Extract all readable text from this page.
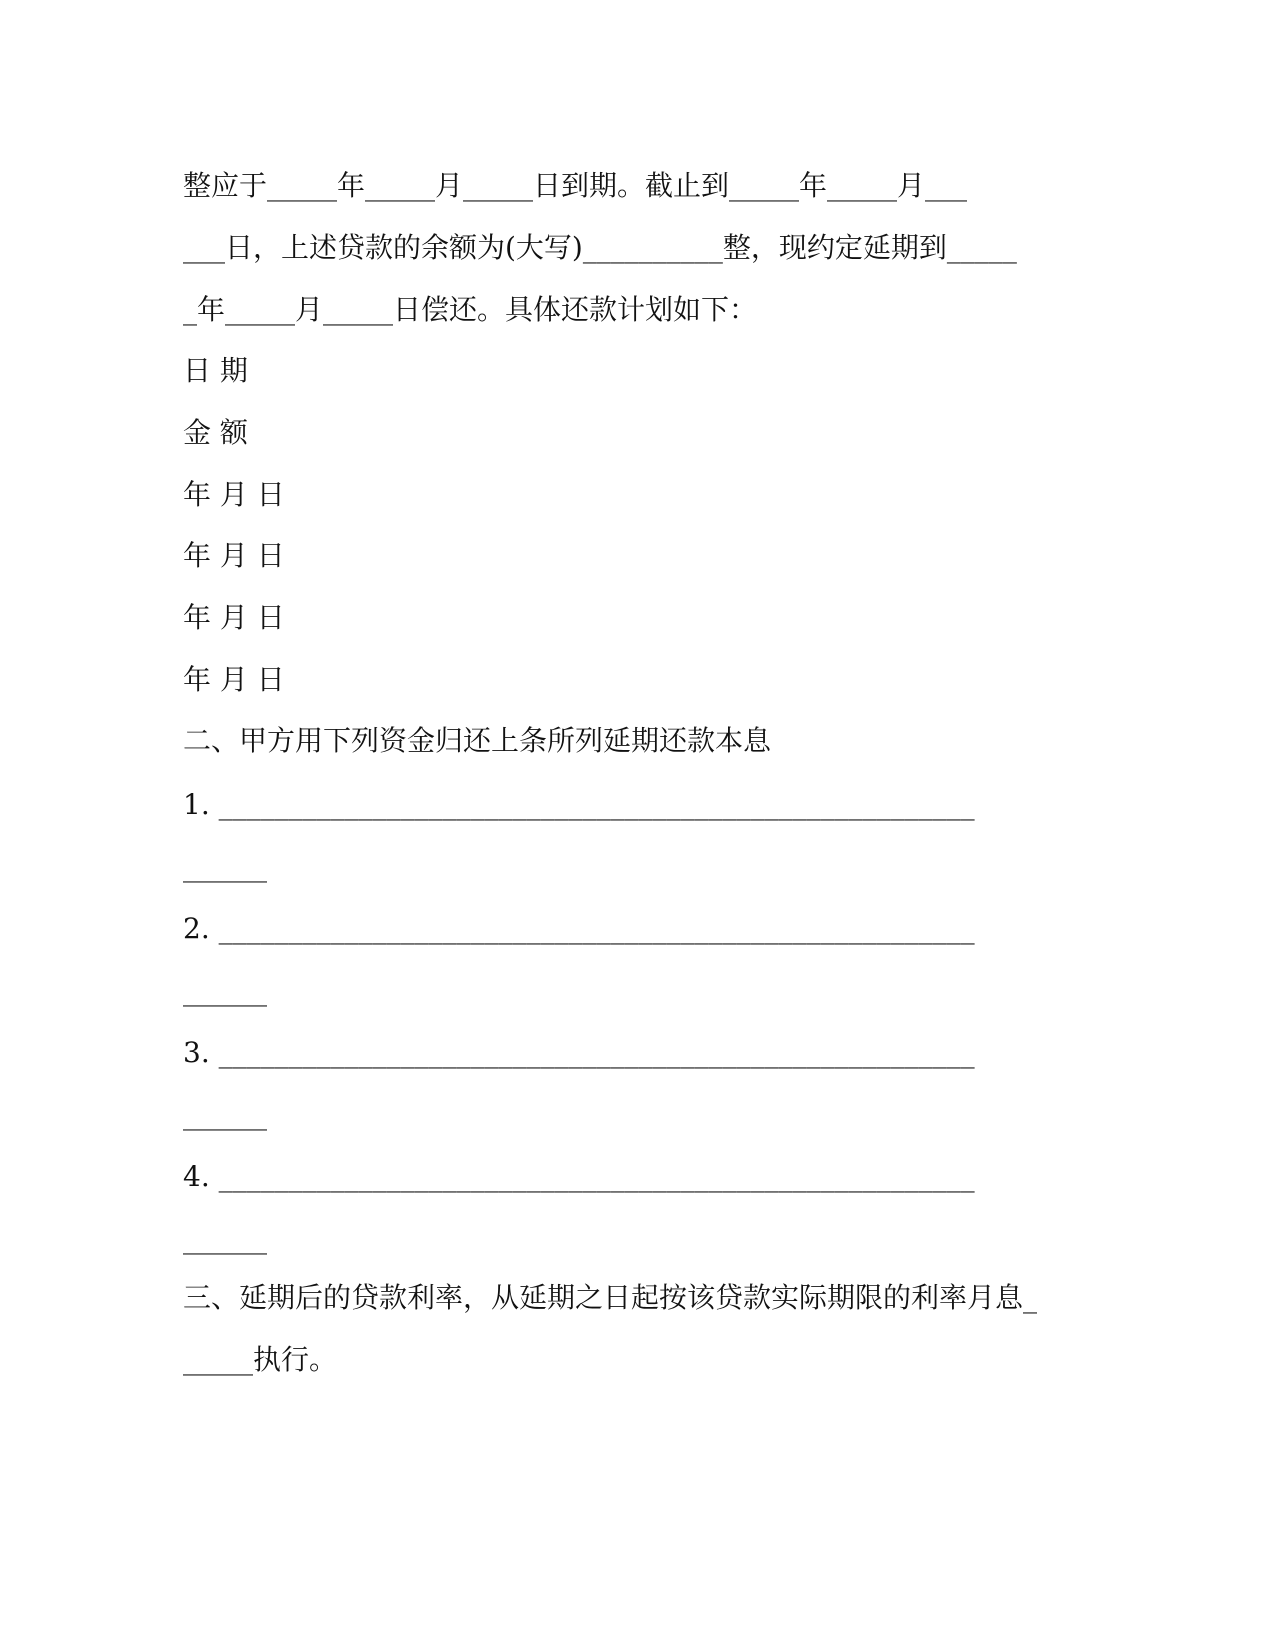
整应于_____年_____月_____日到期。截止到_____年_____月___
___日，上述贷款的余额为(大写)__________整，现约定延期到_____
_年_____月_____日偿还。具体还款计划如下：
日 期
金 额
年 月 日
年 月 日
年 月 日
年 月 日
二、甲方用下列资金归还上条所列延期还款本息
1. ______________________________________________________
______
2. ______________________________________________________
______
3. ______________________________________________________
______
4. ______________________________________________________
______
三、延期后的贷款利率，从延期之日起按该贷款实际期限的利率月息_
_____执行。
